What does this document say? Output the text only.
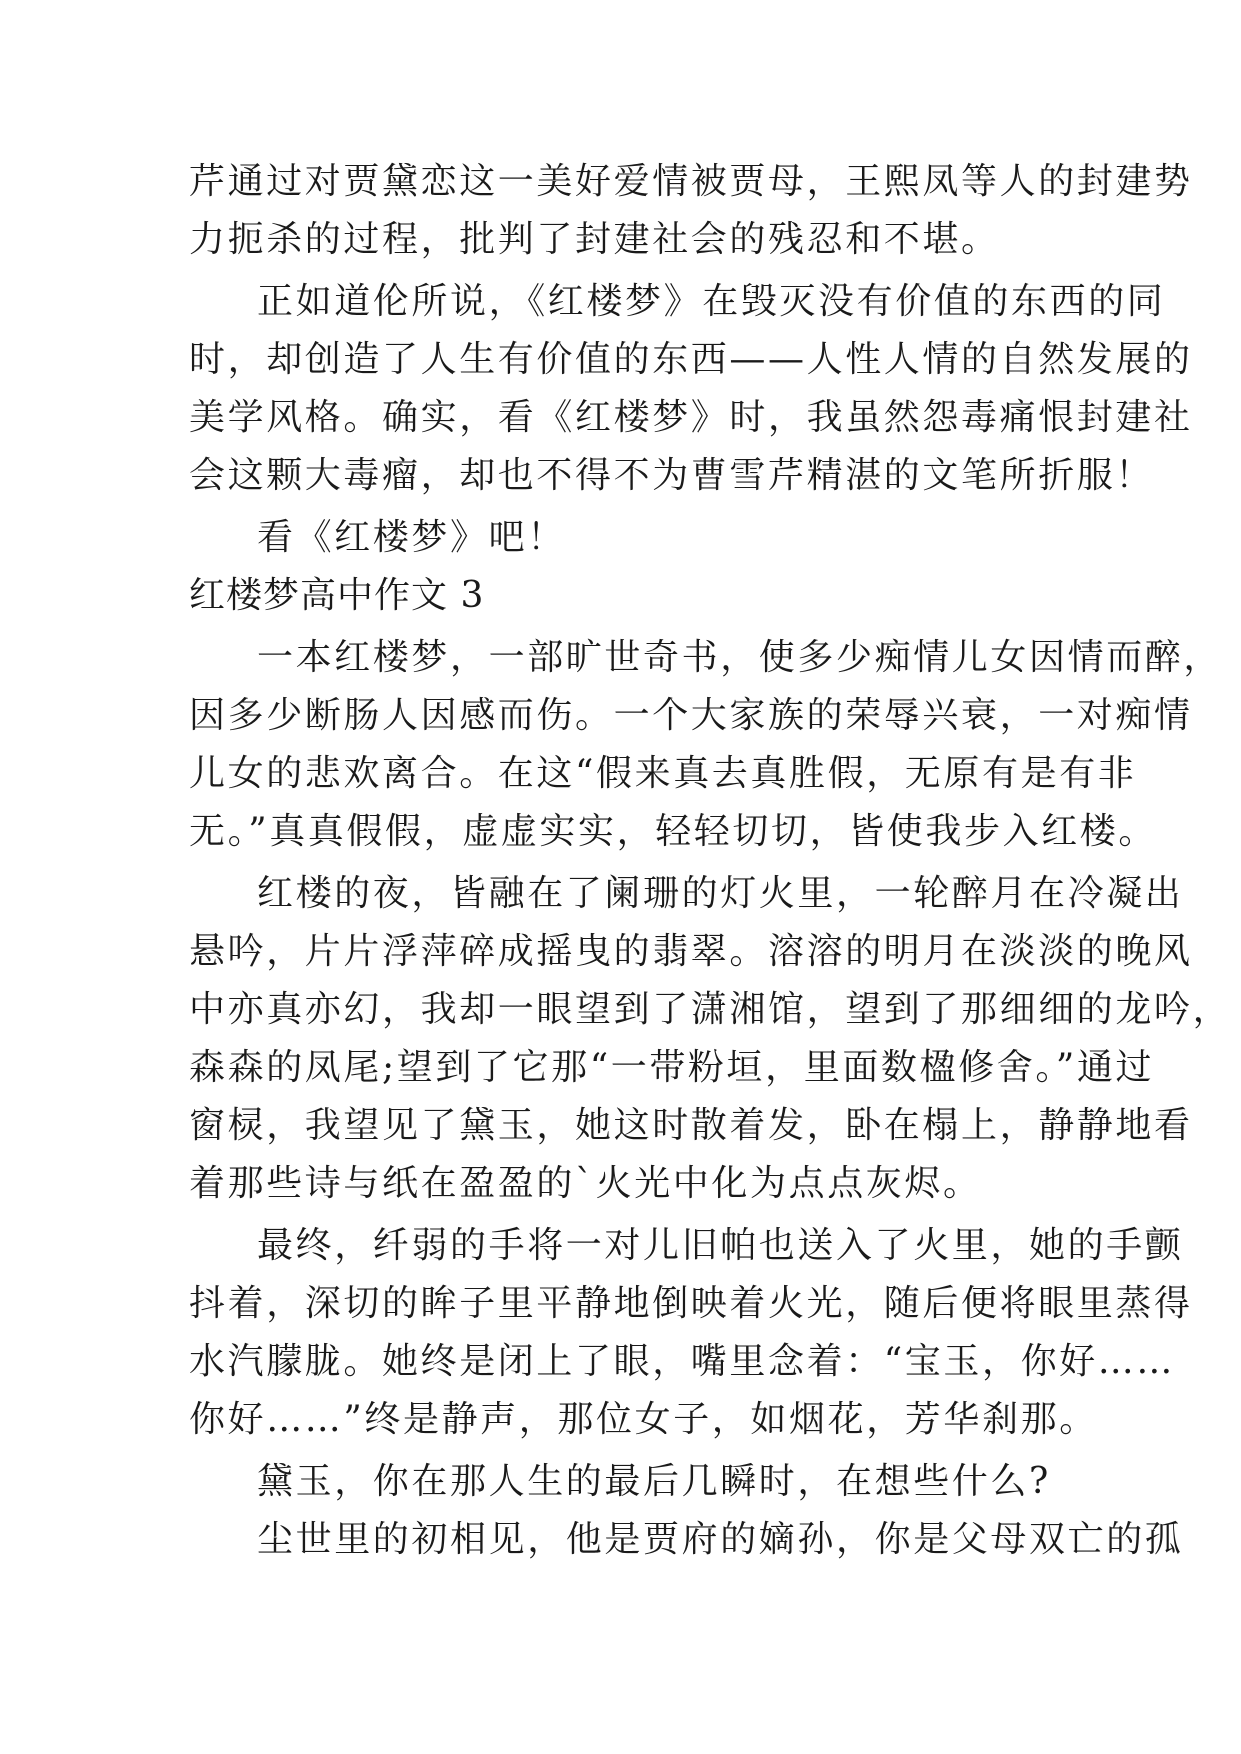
芹通过对贾黛恋这一美好爱情被贾母，王熙凤等人的封建势
力扼杀的过程，批判了封建社会的残忍和不堪。
正如道伦所说，《红楼梦》在毁灭没有价值的东西的同
时，却创造了人生有价值的东西——人性人情的自然发展的
美学风格。确实，看《红楼梦》时，我虽然怨毒痛恨封建社
会这颗大毒瘤，却也不得不为曹雪芹精湛的文笔所折服！
看《红楼梦》吧！
红楼梦高中作文 3
一本红楼梦，一部旷世奇书，使多少痴情儿女因情而醉，
因多少断肠人因感而伤。一个大家族的荣辱兴衰，一对痴情
儿女的悲欢离合。在这“假来真去真胜假，无原有是有非
无。”真真假假，虚虚实实，轻轻切切，皆使我步入红楼。
红楼的夜，皆融在了阑珊的灯火里，一轮醉月在冷凝出
悬吟，片片浮萍碎成摇曳的翡翠。溶溶的明月在淡淡的晚风
中亦真亦幻，我却一眼望到了潇湘馆，望到了那细细的龙吟，
森森的凤尾;望到了它那“一带粉垣，里面数楹修舍。”通过
窗棂，我望见了黛玉，她这时散着发，卧在榻上，静静地看
着那些诗与纸在盈盈的`火光中化为点点灰烬。
最终，纤弱的手将一对儿旧帕也送入了火里，她的手颤
抖着，深切的眸子里平静地倒映着火光，随后便将眼里蒸得
水汽朦胧。她终是闭上了眼，嘴里念着：“宝玉，你好……
你好……”终是静声，那位女子，如烟花，芳华刹那。
黛玉，你在那人生的最后几瞬时，在想些什么?
尘世里的初相见，他是贾府的嫡孙，你是父母双亡的孤
